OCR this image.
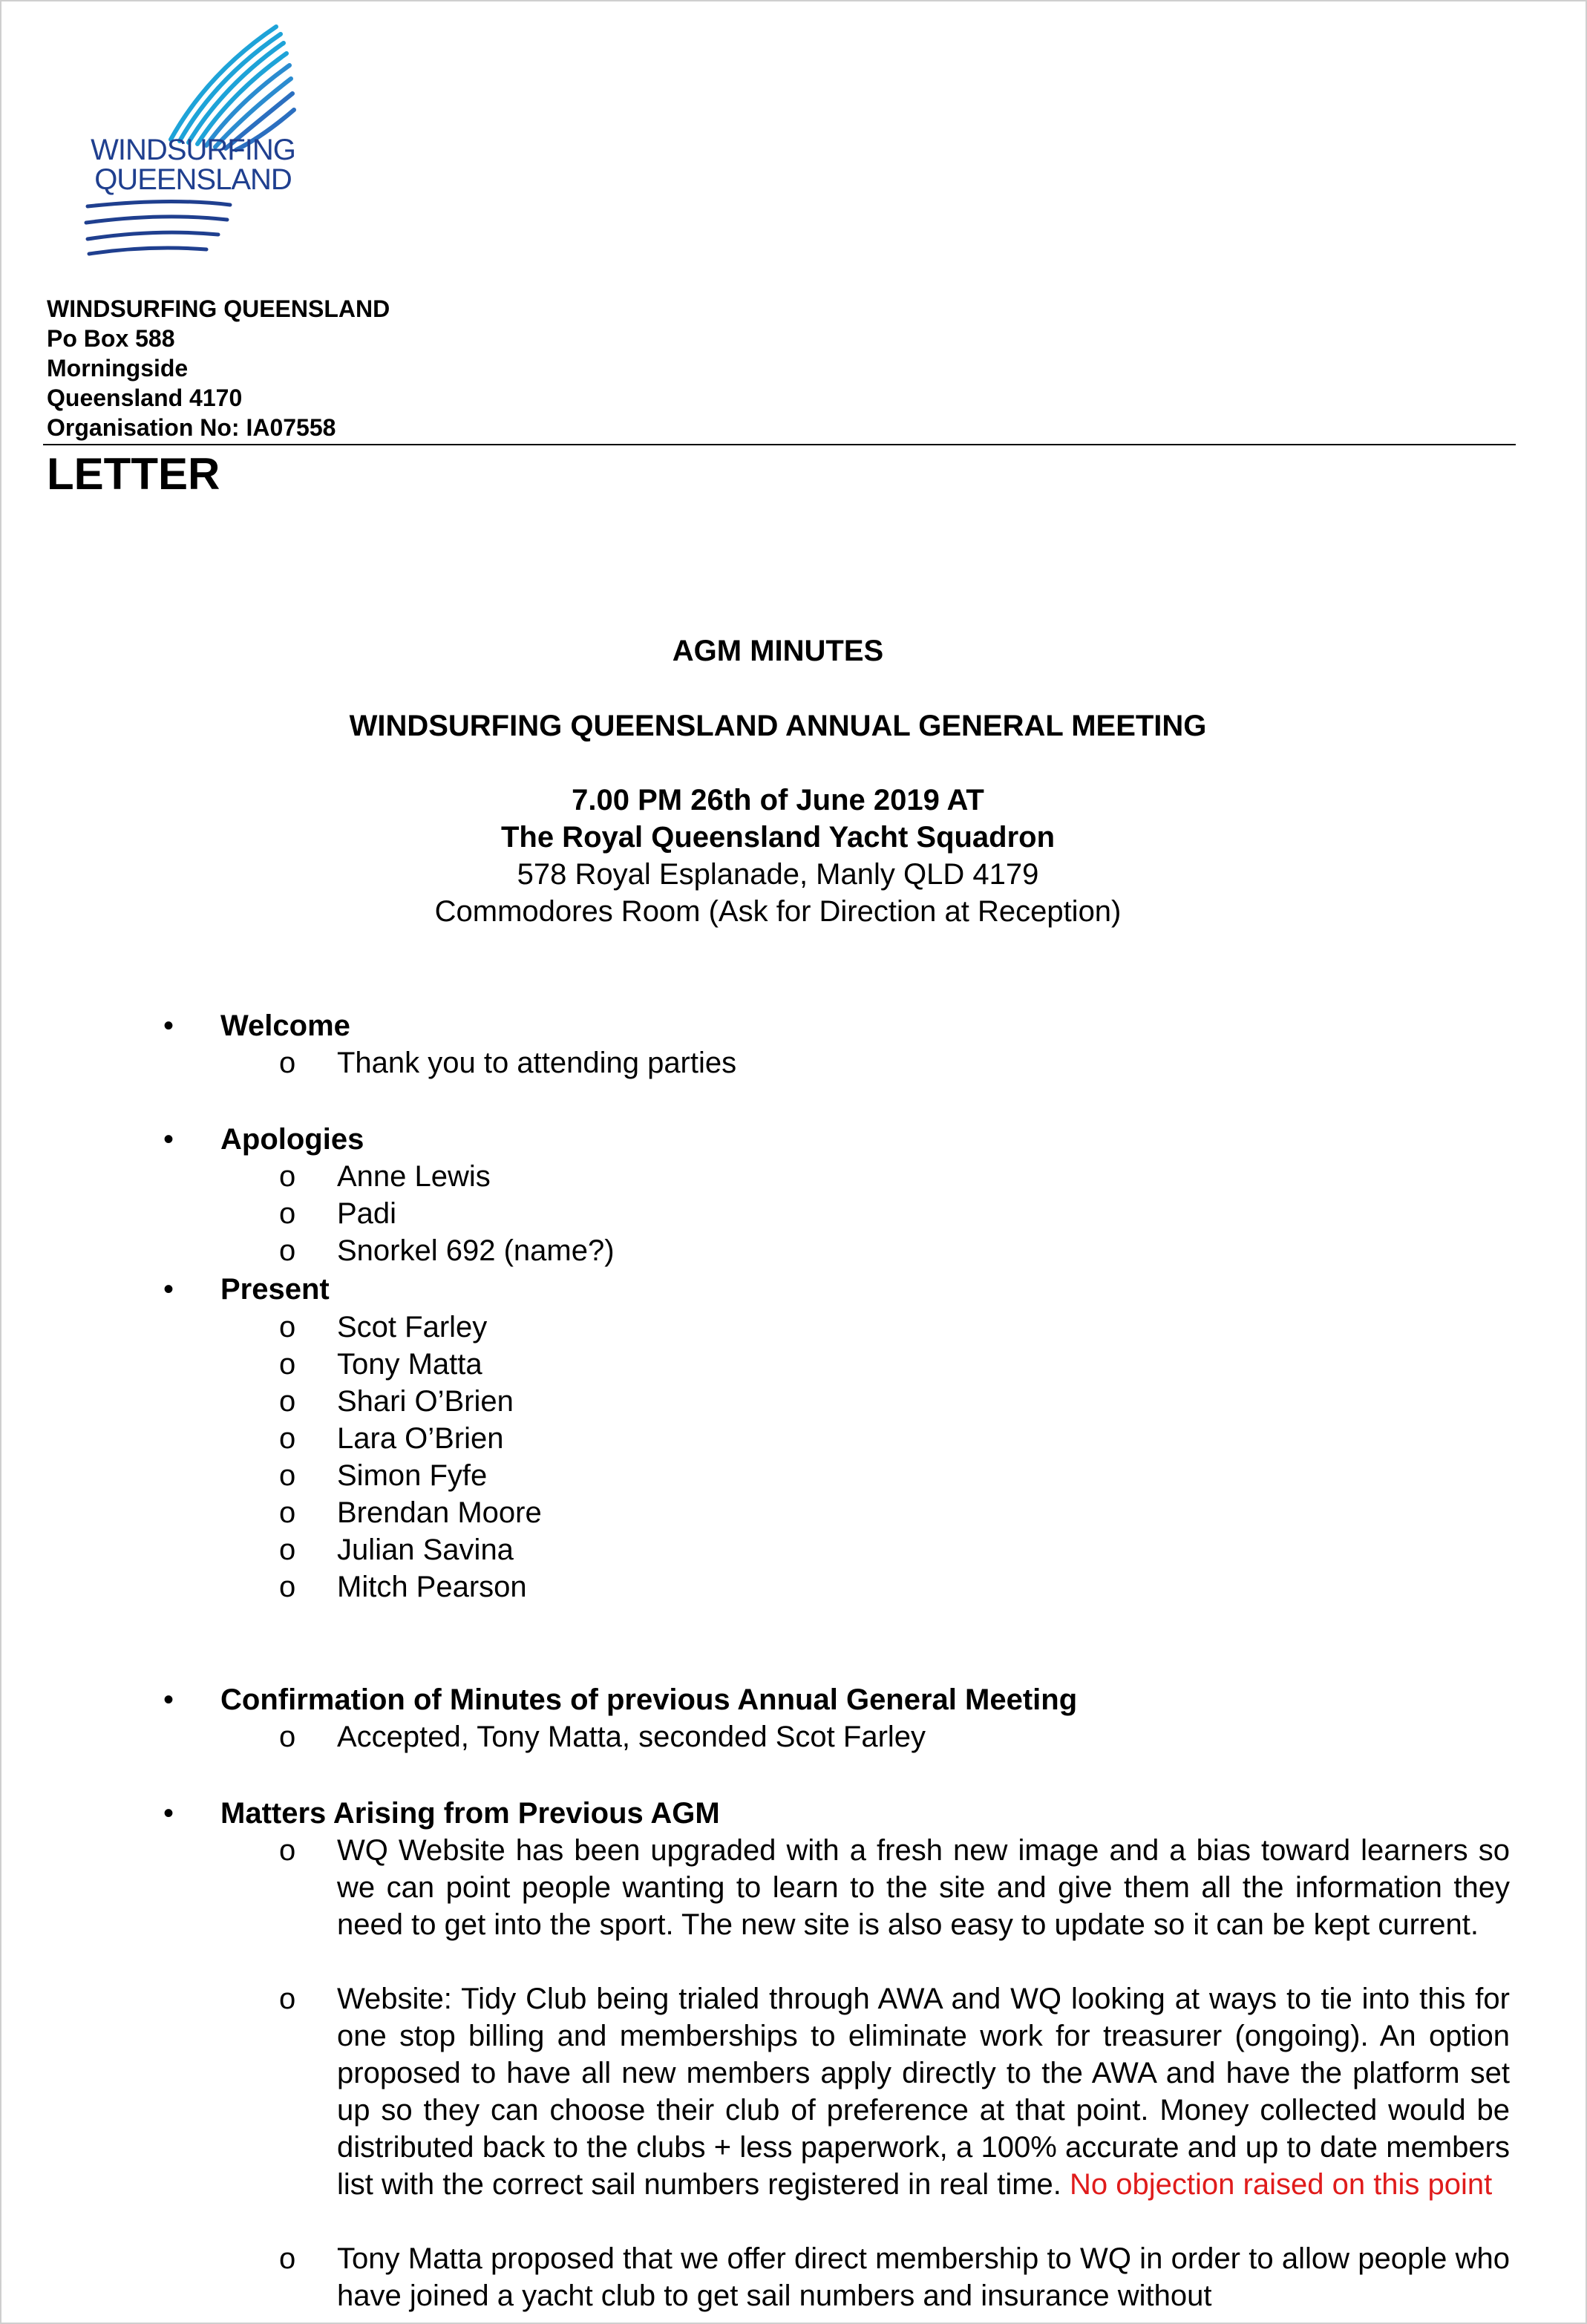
WINDSURFING
QUEENSLAND
WINDSURFING QUEENSLAND
Po Box 588
Morningside
Queensland 4170
Organisation No: IA07558
LETTER
AGM MINUTES
WINDSURFING QUEENSLAND ANNUAL GENERAL MEETING
7.00 PM 26th of June 2019 AT
The Royal Queensland Yacht Squadron
578 Royal Esplanade, Manly QLD 4179
Commodores Room (Ask for Direction at Reception)
• Welcome
o Thank you to attending parties
• Apologies
o Anne Lewis
o Padi
o Snorkel 692 (name?)
• Present
o Scot Farley
o Tony Matta
o Shari O’Brien
o Lara O’Brien
o Simon Fyfe
o Brendan Moore
o Julian Savina
o Mitch Pearson
• Confirmation of Minutes of previous Annual General Meeting
o Accepted, Tony Matta, seconded Scot Farley
• Matters Arising from Previous AGM
o WQ Website has been upgraded with a fresh new image and a bias toward learners so we can point people wanting to learn to the site and give them all the information they need to get into the sport. The new site is also easy to update so it can be kept current.
o Website: Tidy Club being trialed through AWA and WQ looking at ways to tie into this for one stop billing and memberships to eliminate work for treasurer (ongoing). An option proposed to have all new members apply directly to the AWA and have the platform set up so they can choose their club of preference at that point. Money collected would be distributed back to the clubs + less paperwork, a 100% accurate and up to date members list with the correct sail numbers registered in real time. No objection raised on this point
o Tony Matta proposed that we offer direct membership to WQ in order to allow people who have joined a yacht club to get sail numbers and insurance without
